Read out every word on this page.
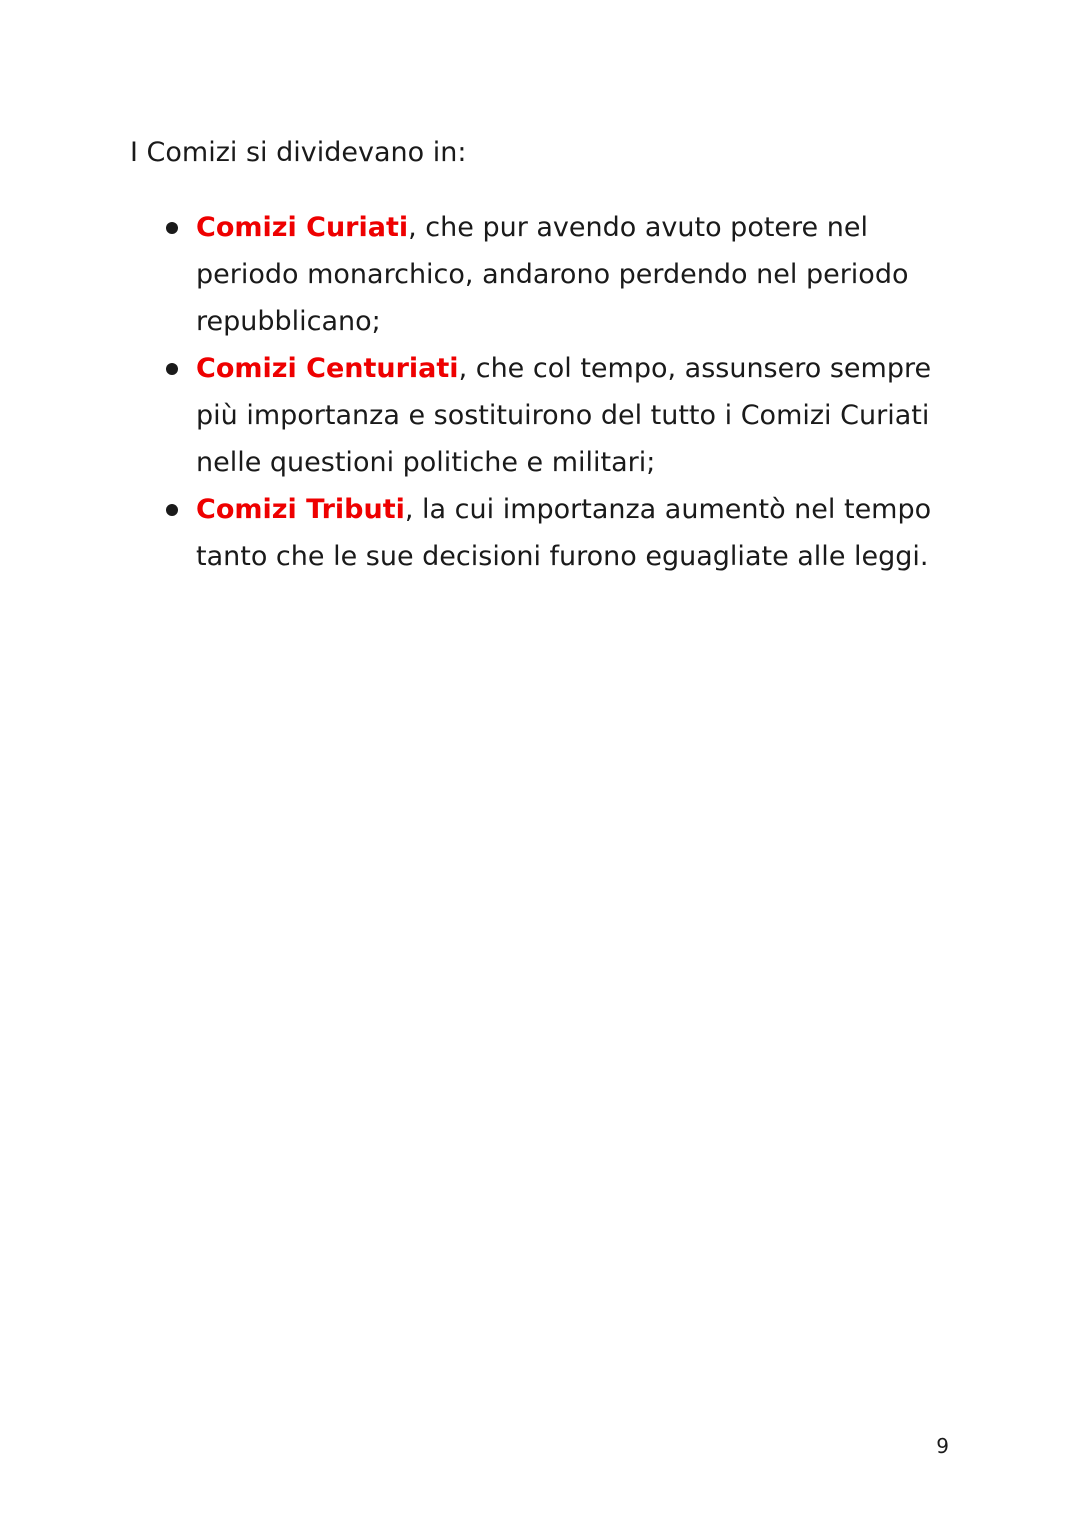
I Comizi si dividevano in:

Comizi Curiati, che pur avendo avuto potere nel periodo monarchico, andarono perdendo nel periodo repubblicano;
Comizi Centuriati, che col tempo, assunsero sempre più importanza e sostituirono del tutto i Comizi Curiati nelle questioni politiche e militari;
Comizi Tributi, la cui importanza aumentò nel tempo tanto che le sue decisioni furono eguagliate alle leggi.
9
